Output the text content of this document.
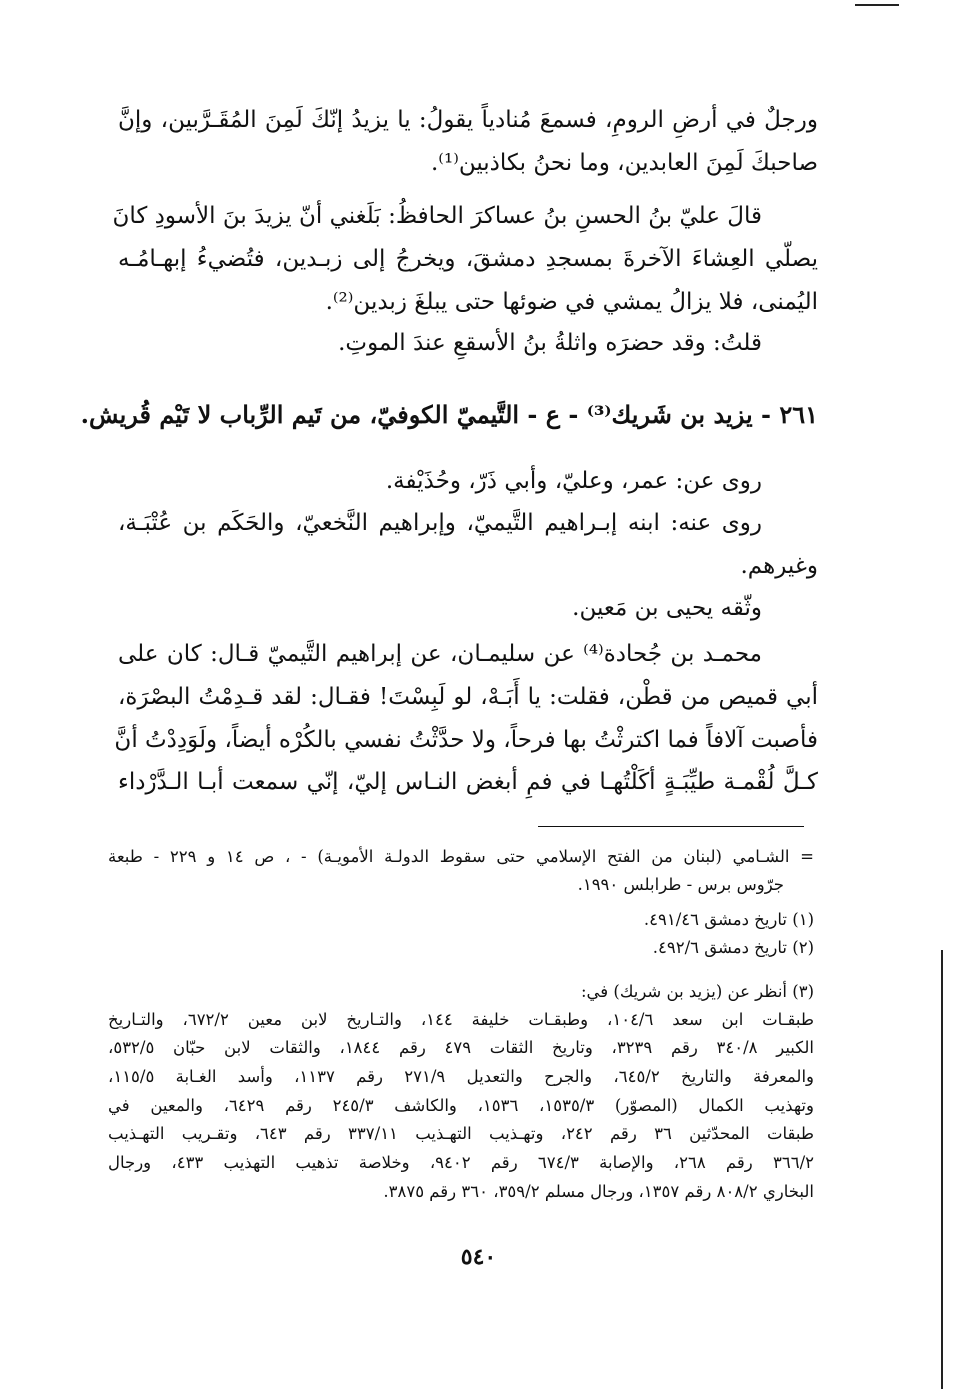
ورجلٌ في أرضِ الرومِ، فسمعَ مُنادياً يقولُ: يا يزيدُ إنّكَ لَمِنَ المُقَـرَّبين، وإنَّ
صاحبكَ لَمِنَ العابدين، وما نحنُ بكاذبين⁽¹⁾.
قالَ عليّ بنُ الحسنِ بنُ عساكرَ الحافظُ: بَلَغني أنّ يزيدَ بنَ الأسودِ كانَ
يصلّي العِشاءَ الآخرةَ بمسجدِ دمشقَ، ويخرجُ إلى زبـدين، فتُضيءُ إبهـامُـه
اليُمنى، فلا يزالُ يمشي في ضوئها حتى يبلغَ زبدين⁽²⁾.
قلتُ: وقد حضرَه واثلةُ بنُ الأسقعِ عندَ الموتِ.
٢٦١ - يزيد بن شَريك⁽³⁾ - ع - التَّيميّ الكوفيّ، من تَيم الرِّباب لا تَيْم قُريش.
روى عن: عمر، وعليّ، وأبي ذَرّ، وحُذَيْفة.
روى عنه: ابنه إبـراهيم التَّيميّ، وإبراهيم النَّخعيّ، والحَكَم بن عُتْبَـة،
وغيرهم.
وثّقه يحيى بن مَعين.
محمـد بن جُحادة⁽⁴⁾ عن سليمـان، عن إبراهيم التَّيميّ قـال: كان على
أبي قميص من قطْن، فقلت: يا أَبَـهْ، لو لَبِسْتَ! فقـال: لقد قـدِمْتُ البصْرَة،
فأصبت آلافاً فما اكترثْتُ بها فرحاً، ولا حدَّثْتُ نفسي بالكُرْه أيضاً، ولَوَدِدْتُ أنَّ
كـلَّ لُقْمـة طيِّبَـةٍ أكَلْتُهـا في فمِ أبغض النـاس إليّ، إنّي سمعت أبـا الـدَّرْداء
= الشـامي (لبنان من الفتح الإسلامي حتى سقوط الدولـة الأمويـة) - ، ص ١٤ و ٢٢٩ - طبعة
جرّوس برس - طرابلس ١٩٩٠.
(١) تاريخ دمشق ٤٩١/٤٦.
(٢) تاريخ دمشق ٤٩٢/٦.
(٣) أنظر عن (يزيد بن شريك) في:
طبقـات ابن سعد ١٠٤/٦، وطبقـات خليفة ١٤٤، والتـاريخ لابن معين ٦٧٢/٢، والتـاريخ
الكبير ٣٤٠/٨ رقم ٣٢٣٩، وتاريخ الثقات ٤٧٩ رقم ١٨٤٤، والثقات لابن حبّان ٥٣٢/٥،
والمعرفة والتاريخ ٦٤٥/٢، والجرح والتعديل ٢٧١/٩ رقم ١١٣٧، وأسد الغـابة ١١٥/٥،
وتهذيب الكمال (المصوّر) ١٥٣٥/٣، ١٥٣٦، والكاشف ٢٤٥/٣ رقم ٦٤٢٩، والمعين في
طبقات المحدّثين ٣٦ رقم ٢٤٢، وتهـذيب التهـذيب ٣٣٧/١١ رقم ٦٤٣، وتقـريب التهـذيب
٣٦٦/٢ رقم ٢٦٨، والإصابة ٦٧٤/٣ رقم ٩٤٠٢، وخلاصة تذهيب التهذيب ٤٣٣، ورجال
البخاري ٨٠٨/٢ رقم ١٣٥٧، ورجال مسلم ٣٥٩/٢، ٣٦٠ رقم ٣٨٧٥.
٥٤٠
